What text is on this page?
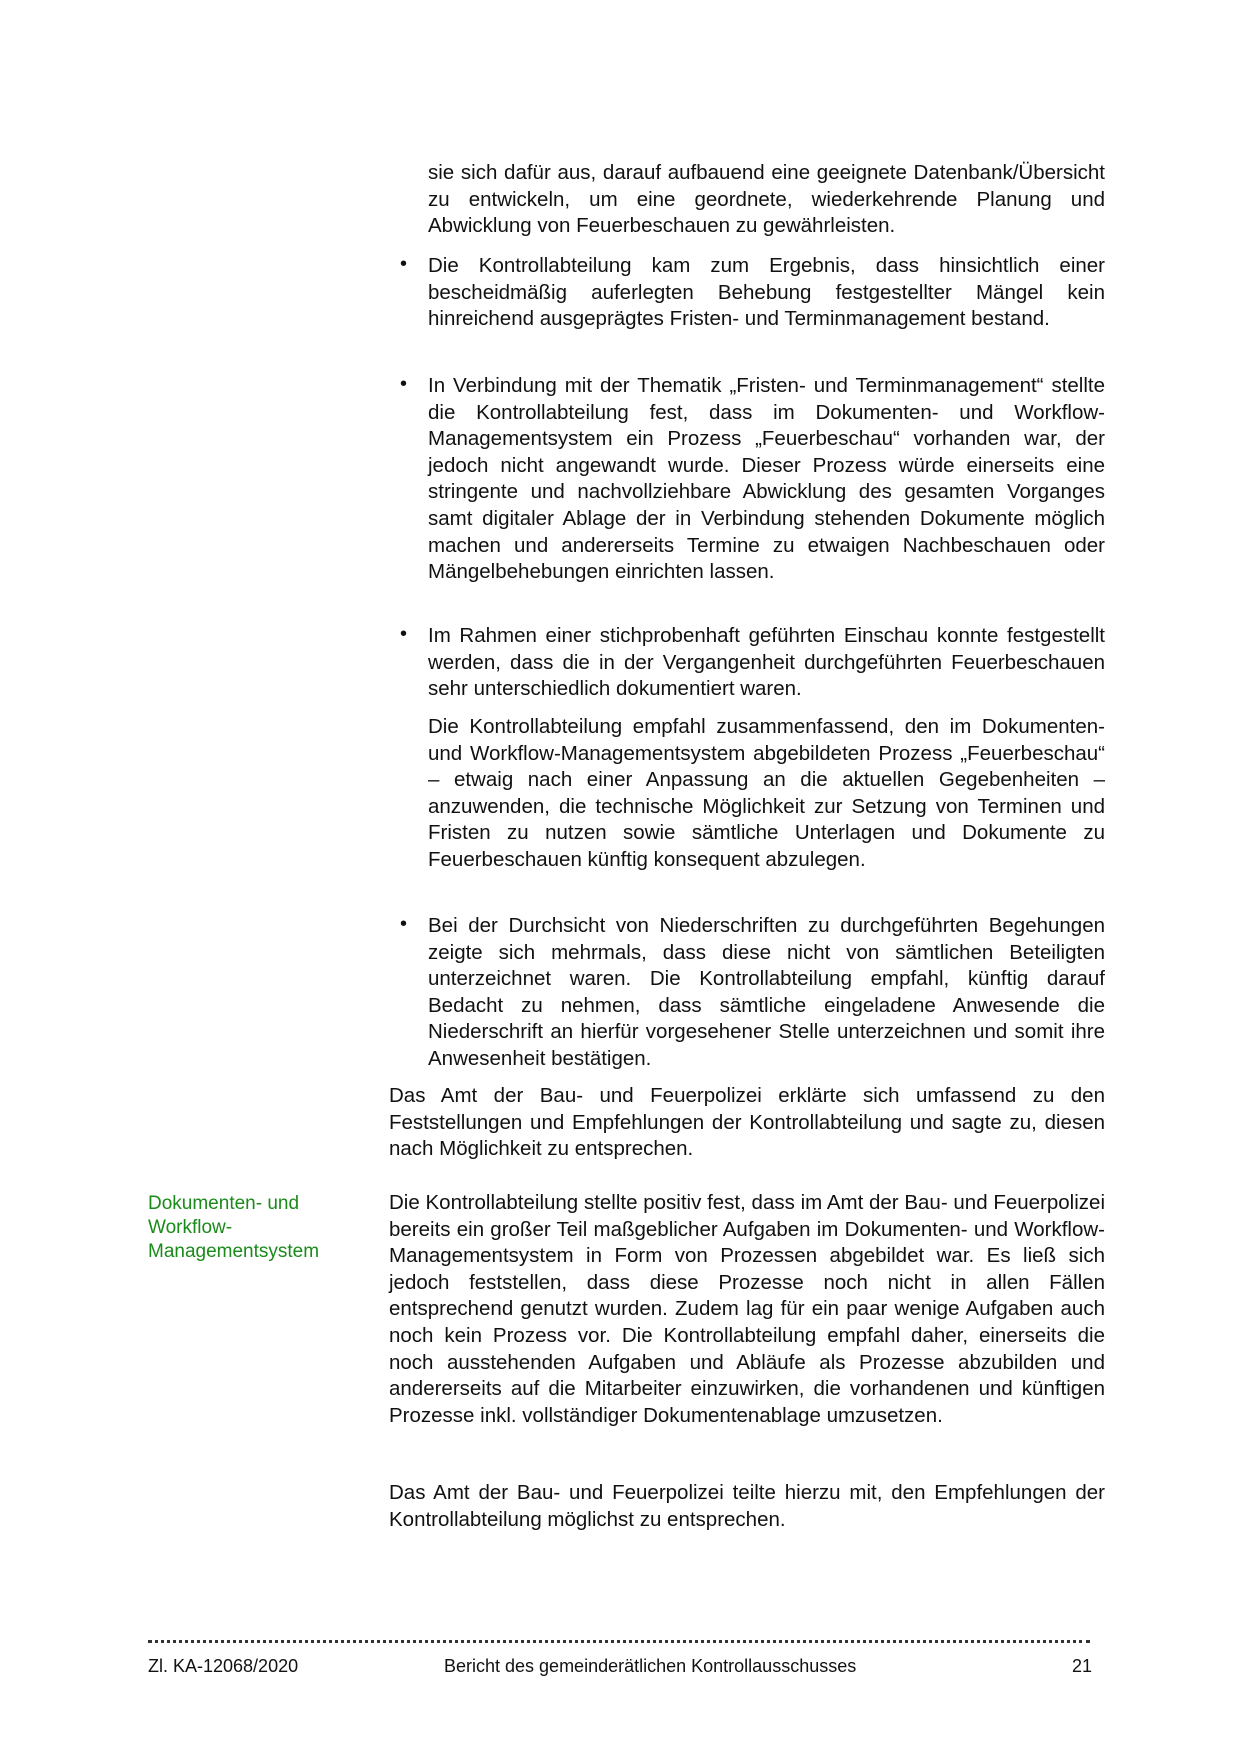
sie sich dafür aus, darauf aufbauend eine geeignete Datenbank/Übersicht zu entwickeln, um eine geordnete, wiederkehrende Planung und Abwicklung von Feuerbeschauen zu gewährleisten.
• Die Kontrollabteilung kam zum Ergebnis, dass hinsichtlich einer bescheidmäßig auferlegten Behebung festgestellter Mängel kein hinreichend ausgeprägtes Fristen- und Terminmanagement bestand.
• In Verbindung mit der Thematik „Fristen- und Terminmanagement“ stellte die Kontrollabteilung fest, dass im Dokumenten- und Workflow-Managementsystem ein Prozess „Feuerbeschau“ vorhanden war, der jedoch nicht angewandt wurde. Dieser Prozess würde einerseits eine stringente und nachvollziehbare Abwicklung des gesamten Vorganges samt digitaler Ablage der in Verbindung stehenden Dokumente möglich machen und andererseits Termine zu etwaigen Nachbeschauen oder Mängelbehebungen einrichten lassen.
• Im Rahmen einer stichprobenhaft geführten Einschau konnte festgestellt werden, dass die in der Vergangenheit durchgeführten Feuerbeschauen sehr unterschiedlich dokumentiert waren.
Die Kontrollabteilung empfahl zusammenfassend, den im Dokumenten- und Workflow-Managementsystem abgebildeten Prozess „Feuerbeschau“ – etwaig nach einer Anpassung an die aktuellen Gegebenheiten – anzuwenden, die technische Möglichkeit zur Setzung von Terminen und Fristen zu nutzen sowie sämtliche Unterlagen und Dokumente zu Feuerbeschauen künftig konsequent abzulegen.
• Bei der Durchsicht von Niederschriften zu durchgeführten Begehungen zeigte sich mehrmals, dass diese nicht von sämtlichen Beteiligten unterzeichnet waren. Die Kontrollabteilung empfahl, künftig darauf Bedacht zu nehmen, dass sämtliche eingeladene Anwesende die Niederschrift an hierfür vorgesehener Stelle unterzeichnen und somit ihre Anwesenheit bestätigen.
Das Amt der Bau- und Feuerpolizei erklärte sich umfassend zu den Feststellungen und Empfehlungen der Kontrollabteilung und sagte zu, diesen nach Möglichkeit zu entsprechen.
Dokumenten- und Workflow-Managementsystem
Die Kontrollabteilung stellte positiv fest, dass im Amt der Bau- und Feuerpolizei bereits ein großer Teil maßgeblicher Aufgaben im Dokumenten- und Workflow-Managementsystem in Form von Prozessen abgebildet war. Es ließ sich jedoch feststellen, dass diese Prozesse noch nicht in allen Fällen entsprechend genutzt wurden. Zudem lag für ein paar wenige Aufgaben auch noch kein Prozess vor. Die Kontrollabteilung empfahl daher, einerseits die noch ausstehenden Aufgaben und Abläufe als Prozesse abzubilden und andererseits auf die Mitarbeiter einzuwirken, die vorhandenen und künftigen Prozesse inkl. vollständiger Dokumentenablage umzusetzen.
Das Amt der Bau- und Feuerpolizei teilte hierzu mit, den Empfehlungen der Kontrollabteilung möglichst zu entsprechen.
Zl. KA-12068/2020	Bericht des gemeinderätlichen Kontrollausschusses	21
